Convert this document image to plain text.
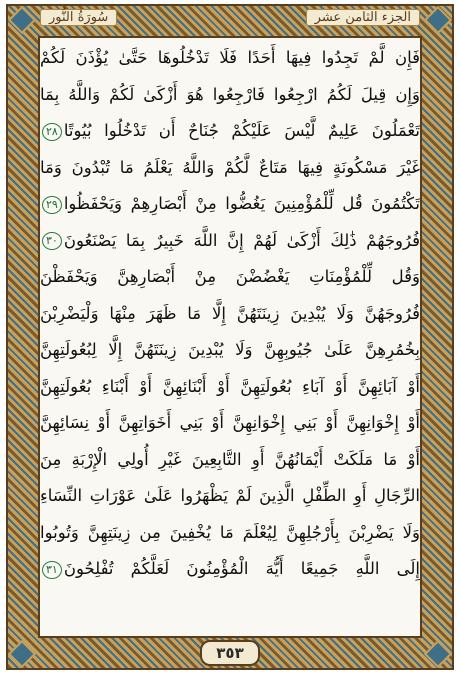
الجزء الثامن عشر
سُورَةُ النُّور
فَإِن لَّمْ تَجِدُوا فِيهَا أَحَدًا فَلَا تَدْخُلُوهَا حَتَّىٰ يُؤْذَنَ لَكُمْ
وَإِن قِيلَ لَكُمُ ارْجِعُوا فَارْجِعُوا هُوَ أَزْكَىٰ لَكُمْ وَاللَّهُ بِمَا
تَعْمَلُونَ عَلِيمٌ لَّيْسَ عَلَيْكُمْ جُنَاحٌ أَن تَدْخُلُوا بُيُوتًا٢٨
غَيْرَ مَسْكُونَةٍ فِيهَا مَتَاعٌ لَّكُمْ وَاللَّهُ يَعْلَمُ مَا تُبْدُونَ وَمَا
تَكْتُمُونَ قُل لِّلْمُؤْمِنِينَ يَغُضُّوا مِنْ أَبْصَارِهِمْ وَيَحْفَظُوا٢٩
فُرُوجَهُمْ ذَٰلِكَ أَزْكَىٰ لَهُمْ إِنَّ اللَّهَ خَبِيرٌ بِمَا يَصْنَعُونَ٣٠
وَقُل لِّلْمُؤْمِنَاتِ يَغْضُضْنَ مِنْ أَبْصَارِهِنَّ وَيَحْفَظْنَ
فُرُوجَهُنَّ وَلَا يُبْدِينَ زِينَتَهُنَّ إِلَّا مَا ظَهَرَ مِنْهَا وَلْيَضْرِبْنَ
بِخُمُرِهِنَّ عَلَىٰ جُيُوبِهِنَّ وَلَا يُبْدِينَ زِينَتَهُنَّ إِلَّا لِبُعُولَتِهِنَّ
أَوْ آبَائِهِنَّ أَوْ آبَاءِ بُعُولَتِهِنَّ أَوْ أَبْنَائِهِنَّ أَوْ أَبْنَاءِ بُعُولَتِهِنَّ
أَوْ إِخْوَانِهِنَّ أَوْ بَنِي إِخْوَانِهِنَّ أَوْ بَنِي أَخَوَاتِهِنَّ أَوْ نِسَائِهِنَّ
أَوْ مَا مَلَكَتْ أَيْمَانُهُنَّ أَوِ التَّابِعِينَ غَيْرِ أُولِي الْإِرْبَةِ مِنَ
الرِّجَالِ أَوِ الطِّفْلِ الَّذِينَ لَمْ يَظْهَرُوا عَلَىٰ عَوْرَاتِ النِّسَاءِ
وَلَا يَضْرِبْنَ بِأَرْجُلِهِنَّ لِيُعْلَمَ مَا يُخْفِينَ مِن زِينَتِهِنَّ وَتُوبُوا
إِلَى اللَّهِ جَمِيعًا أَيُّهَ الْمُؤْمِنُونَ لَعَلَّكُمْ تُفْلِحُونَ٣١
٣٥٣
